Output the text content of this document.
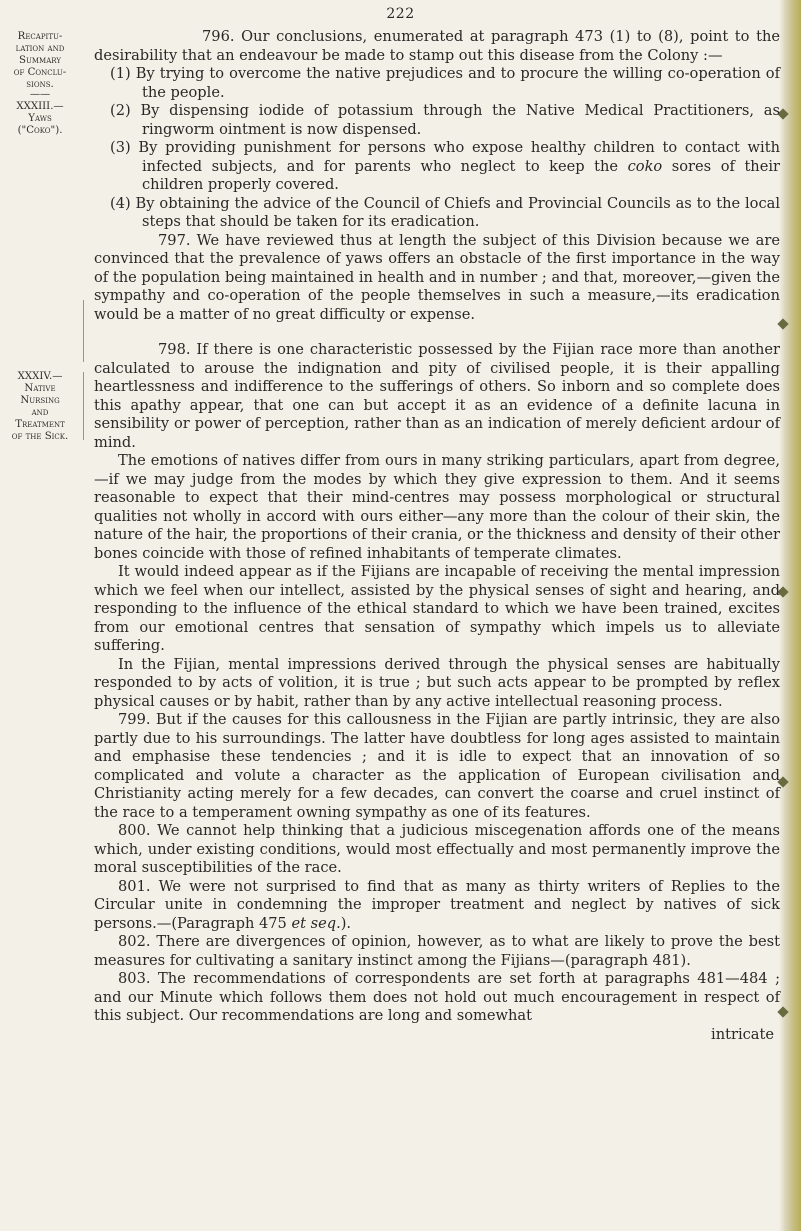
222
Recapitu-
lation and
Summary
of Conclu-
sions.
——
XXXIII.—
Yaws
("Coko").
XXXIV.—
Native
Nursing
and
Treatment
of the Sick.

796. Our conclusions, enumerated at paragraph 473 (1) to (8), point to the desirability that an endeavour be made to stamp out this disease from the Colony :—

(1) By trying to overcome the native prejudices and to procure the willing co-operation of the people.

(2) By dispensing iodide of potassium through the Native Medical Practitioners, as ringworm ointment is now dispensed.

(3) By providing punishment for persons who expose healthy children to contact with infected subjects, and for parents who neglect to keep the coko sores of their children properly covered.

(4) By obtaining the advice of the Council of Chiefs and Provincial Councils as to the local steps that should be taken for its eradication.

797. We have reviewed thus at length the subject of this Division because we are convinced that the prevalence of yaws offers an obstacle of the first importance in the way of the population being maintained in health and in number ; and that, moreover,—given the sympathy and co-operation of the people themselves in such a measure,—its eradication would be a matter of no great difficulty or expense.

798. If there is one characteristic possessed by the Fijian race more than another calculated to arouse the indignation and pity of civilised people, it is their appalling heartlessness and indifference to the sufferings of others. So inborn and so complete does this apathy appear, that one can but accept it as an evidence of a definite lacuna in sensibility or power of perception, rather than as an indication of merely deficient ardour of mind.

The emotions of natives differ from ours in many striking particulars, apart from degree,—if we may judge from the modes by which they give expression to them. And it seems reasonable to expect that their mind-centres may possess morphological or structural qualities not wholly in accord with ours either—any more than the colour of their skin, the nature of the hair, the proportions of their crania, or the thickness and density of their other bones coincide with those of refined inhabitants of temperate climates.

It would indeed appear as if the Fijians are incapable of receiving the mental impression which we feel when our intellect, assisted by the physical senses of sight and hearing, and responding to the influence of the ethical standard to which we have been trained, excites from our emotional centres that sensation of sympathy which impels us to alleviate suffering.

In the Fijian, mental impressions derived through the physical senses are habitually responded to by acts of volition, it is true ; but such acts appear to be prompted by reflex physical causes or by habit, rather than by any active intellectual reasoning process.

799. But if the causes for this callousness in the Fijian are partly intrinsic, they are also partly due to his surroundings. The latter have doubtless for long ages assisted to maintain and emphasise these tendencies ; and it is idle to expect that an innovation of so complicated and volute a character as the application of European civilisation and Christianity acting merely for a few decades, can convert the coarse and cruel instinct of the race to a temperament owning sympathy as one of its features.

800. We cannot help thinking that a judicious miscegenation affords one of the means which, under existing conditions, would most effectually and most permanently improve the moral susceptibilities of the race.

801. We were not surprised to find that as many as thirty writers of Replies to the Circular unite in condemning the improper treatment and neglect by natives of sick persons.—(Paragraph 475 et seq.).

802. There are divergences of opinion, however, as to what are likely to prove the best measures for cultivating a sanitary instinct among the Fijians—(paragraph 481).

803. The recommendations of correspondents are set forth at paragraphs 481—484 ; and our Minute which follows them does not hold out much encouragement in respect of this subject. Our recommendations are long and somewhat

intricate
